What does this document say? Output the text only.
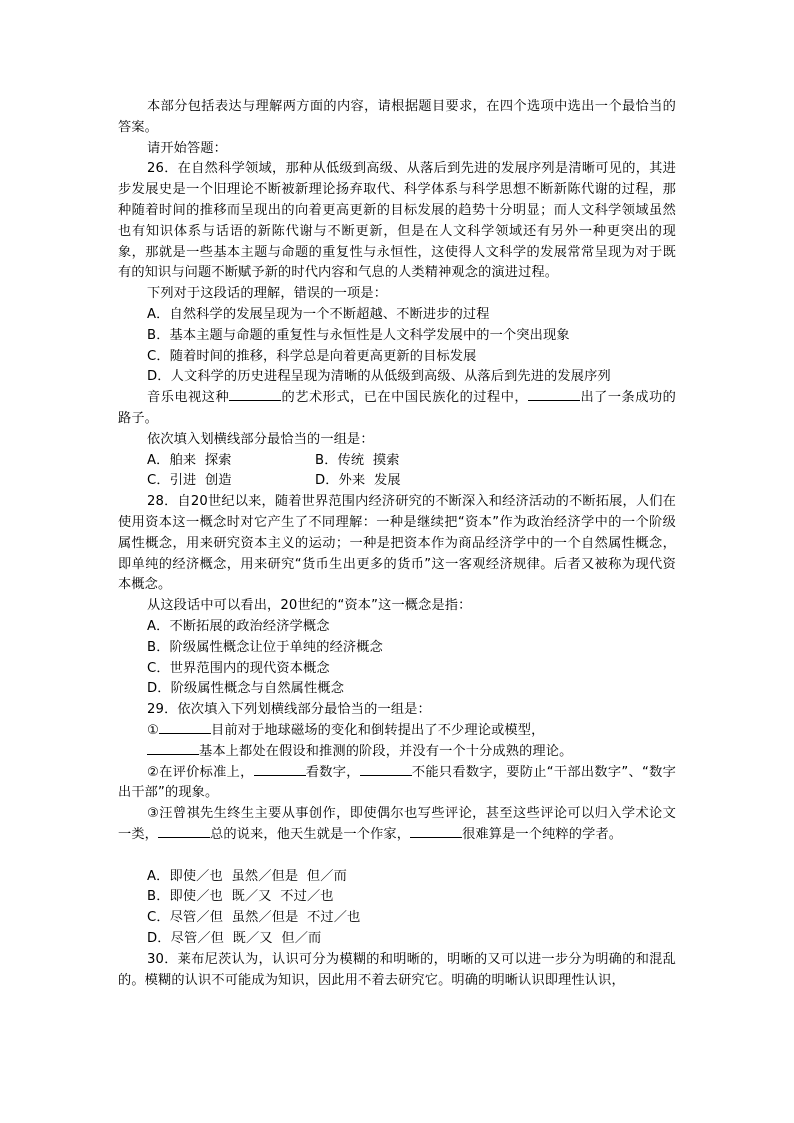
本部分包括表达与理解两方面的内容，请根据题目要求，在四个选项中选出一个最恰当的答案。

请开始答题：

26．在自然科学领域，那种从低级到高级、从落后到先进的发展序列是清晰可见的，其进步发展史是一个旧理论不断被新理论扬弃取代、科学体系与科学思想不断新陈代谢的过程，那种随着时间的推移而呈现出的向着更高更新的目标发展的趋势十分明显；而人文科学领域虽然也有知识体系与话语的新陈代谢与不断更新，但是在人文科学领域还有另外一种更突出的现象，那就是一些基本主题与命题的重复性与永恒性，这使得人文科学的发展常常呈现为对于既有的知识与问题不断赋予新的时代内容和气息的人类精神观念的演进过程。

下列对于这段话的理解，错误的一项是：

A．自然科学的发展呈现为一个不断超越、不断进步的过程

B．基本主题与命题的重复性与永恒性是人文科学发展中的一个突出现象

C．随着时间的推移，科学总是向着更高更新的目标发展

D．人文科学的历史进程呈现为清晰的从低级到高级、从落后到先进的发展序列

音乐电视这种	的艺术形式，已在中国民族化的过程中，	出了一条成功的路子。

依次填入划横线部分最恰当的一组是：

A．舶来  探索	B．传统  摸索
C．引进  创造	D．外来  发展

28．自20世纪以来，随着世界范围内经济研究的不断深入和经济活动的不断拓展，人们在使用资本这一概念时对它产生了不同理解：一种是继续把“资本”作为政治经济学中的一个阶级属性概念，用来研究资本主义的运动；一种是把资本作为商品经济学中的一个自然属性概念，即单纯的经济概念，用来研究“货币生出更多的货币”这一客观经济规律。后者又被称为现代资本概念。

从这段话中可以看出，20世纪的“资本”这一概念是指：

A．不断拓展的政治经济学概念

B．阶级属性概念让位于单纯的经济概念

C．世界范围内的现代资本概念

D．阶级属性概念与自然属性概念

29．依次填入下列划横线部分最恰当的一组是：

①	目前对于地球磁场的变化和倒转提出了不少理论或模型，

基本上都处在假设和推测的阶段，并没有一个十分成熟的理论。

②在评价标准上，	看数字，	不能只看数字，要防止“干部出数字”、“数字出干部”的现象。

③汪曾祺先生终生主要从事创作，即使偶尔也写些评论，甚至这些评论可以归入学术论文一类，	总的说来，他天生就是一个作家，	很难算是一个纯粹的学者。

A．即使／也  虽然／但是  但／而

B．即使／也  既／又  不过／也

C．尽管／但  虽然／但是  不过／也

D．尽管／但  既／又  但／而

30．莱布尼茨认为，认识可分为模糊的和明晰的，明晰的又可以进一步分为明确的和混乱的。模糊的认识不可能成为知识，因此用不着去研究它。明确的明晰认识即理性认识，
